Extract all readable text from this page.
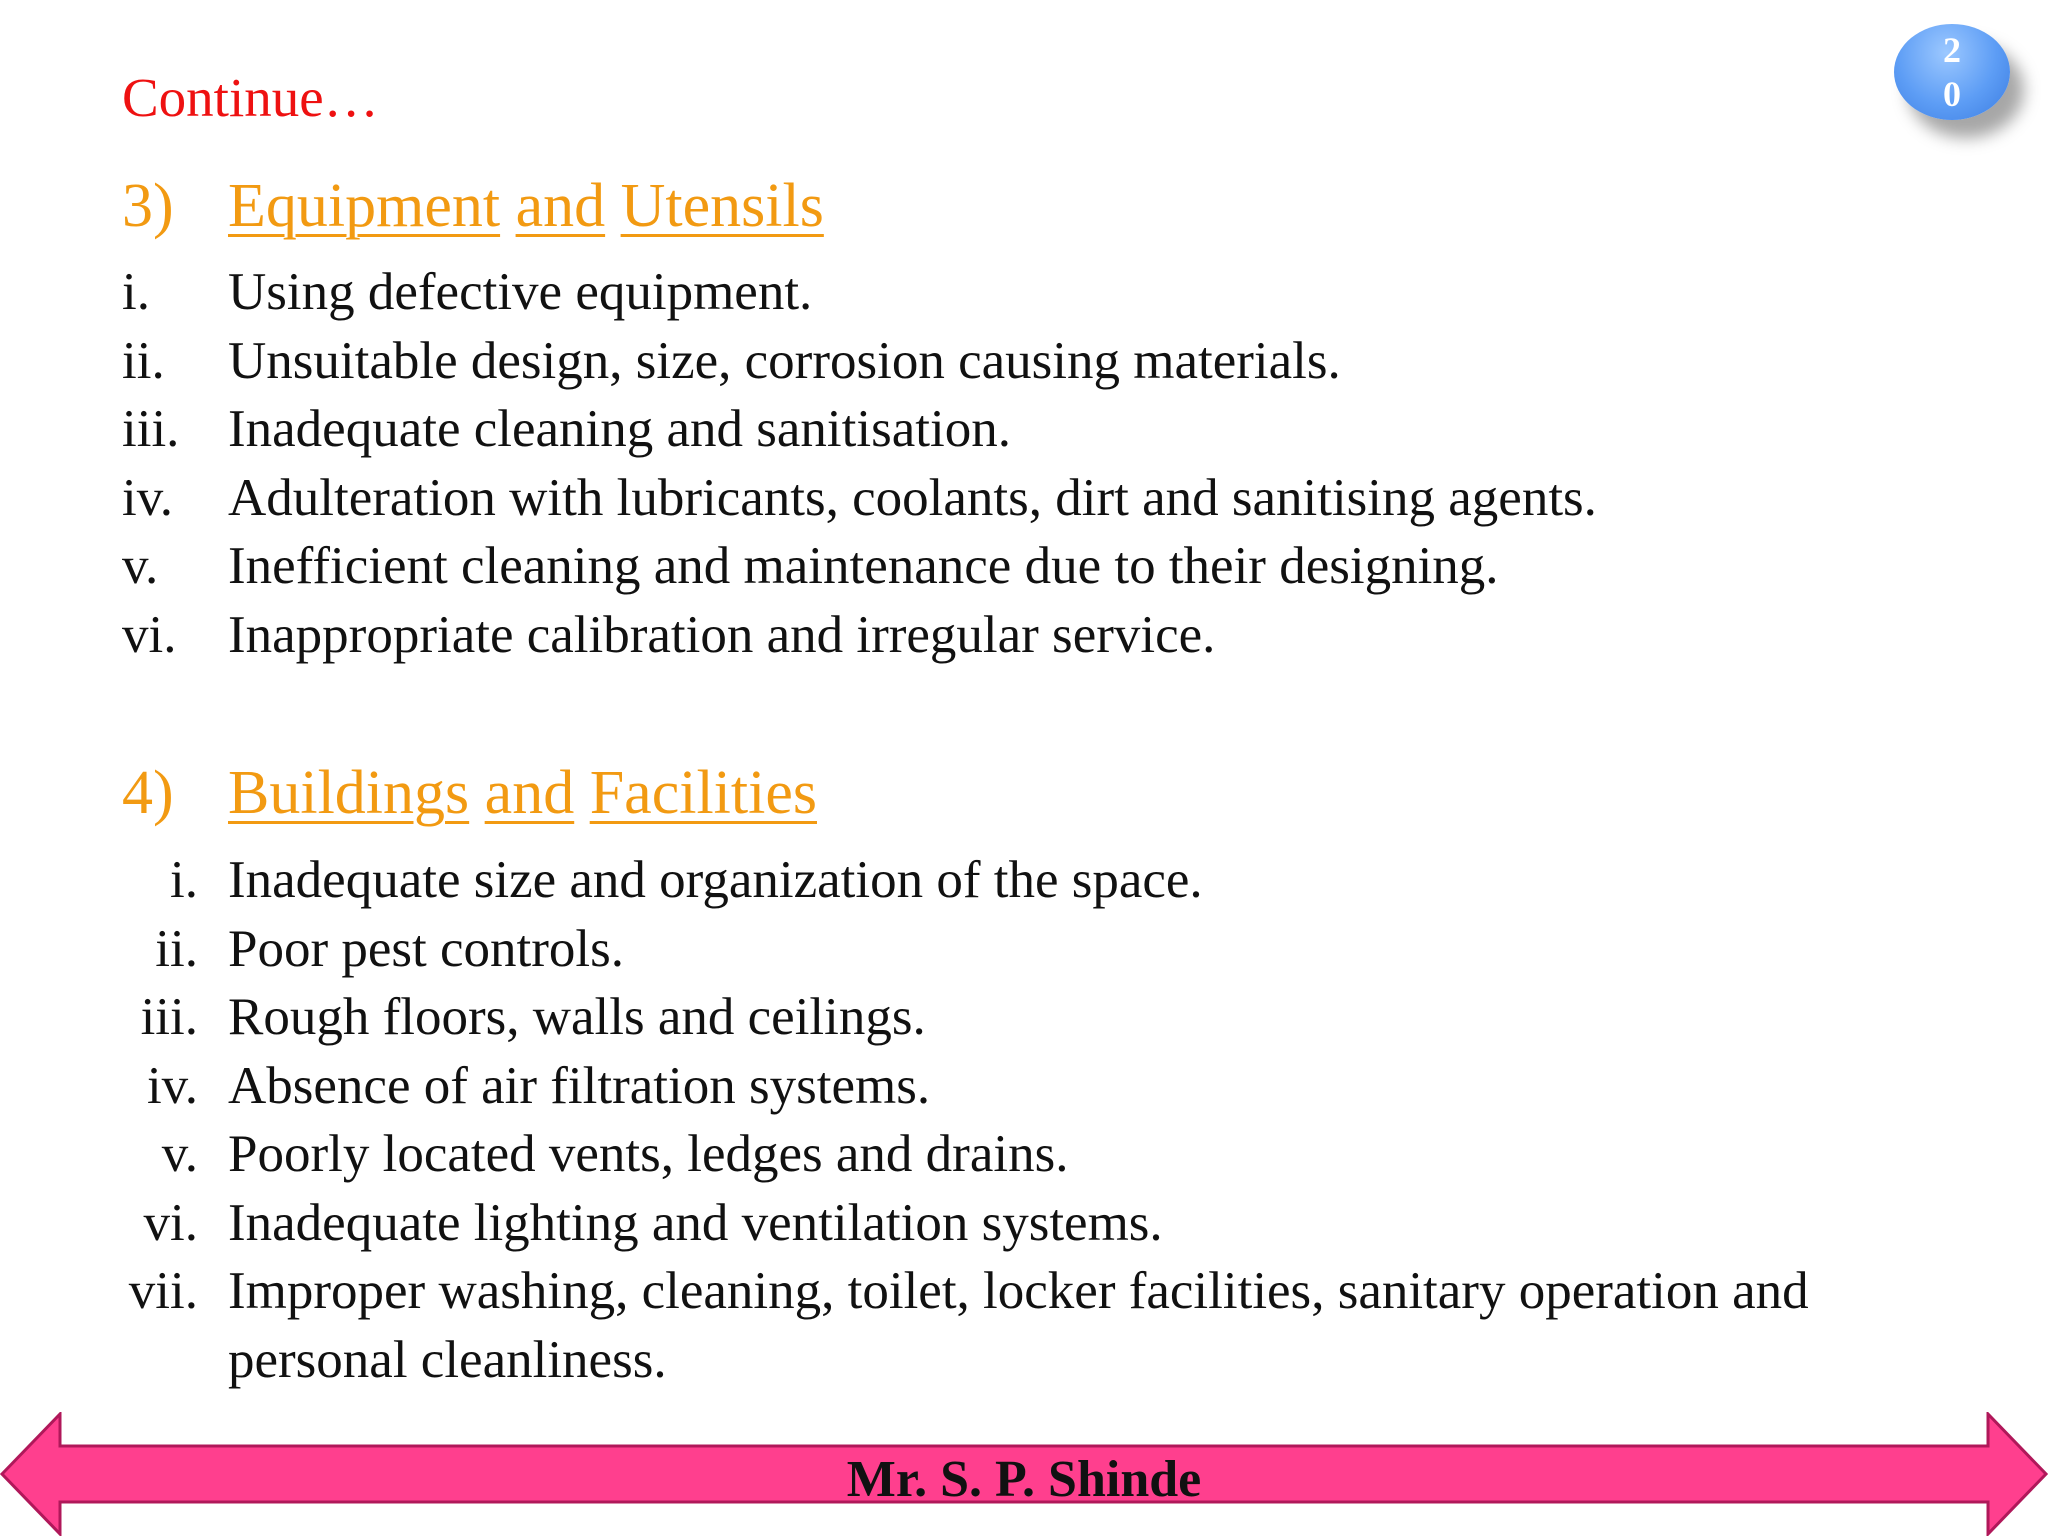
Continue…
2
0
3) Equipment and Utensils
i.	Using defective equipment.
ii.	Unsuitable design, size, corrosion causing materials.
iii. Inadequate cleaning and sanitisation.
iv.	Adulteration with lubricants, coolants, dirt and sanitising agents.
v.	Inefficient cleaning and maintenance due to their designing.
vi. Inappropriate calibration and irregular service.
4) Buildings and Facilities
i. Inadequate size and organization of the space.
ii. Poor pest controls.
iii. Rough floors, walls and ceilings.
iv. Absence of air filtration systems.
v. Poorly located vents, ledges and drains.
vi. Inadequate lighting and ventilation systems.
vii. Improper washing, cleaning, toilet, locker facilities, sanitary operation and
personal cleanliness.
Mr. S. P. Shinde
